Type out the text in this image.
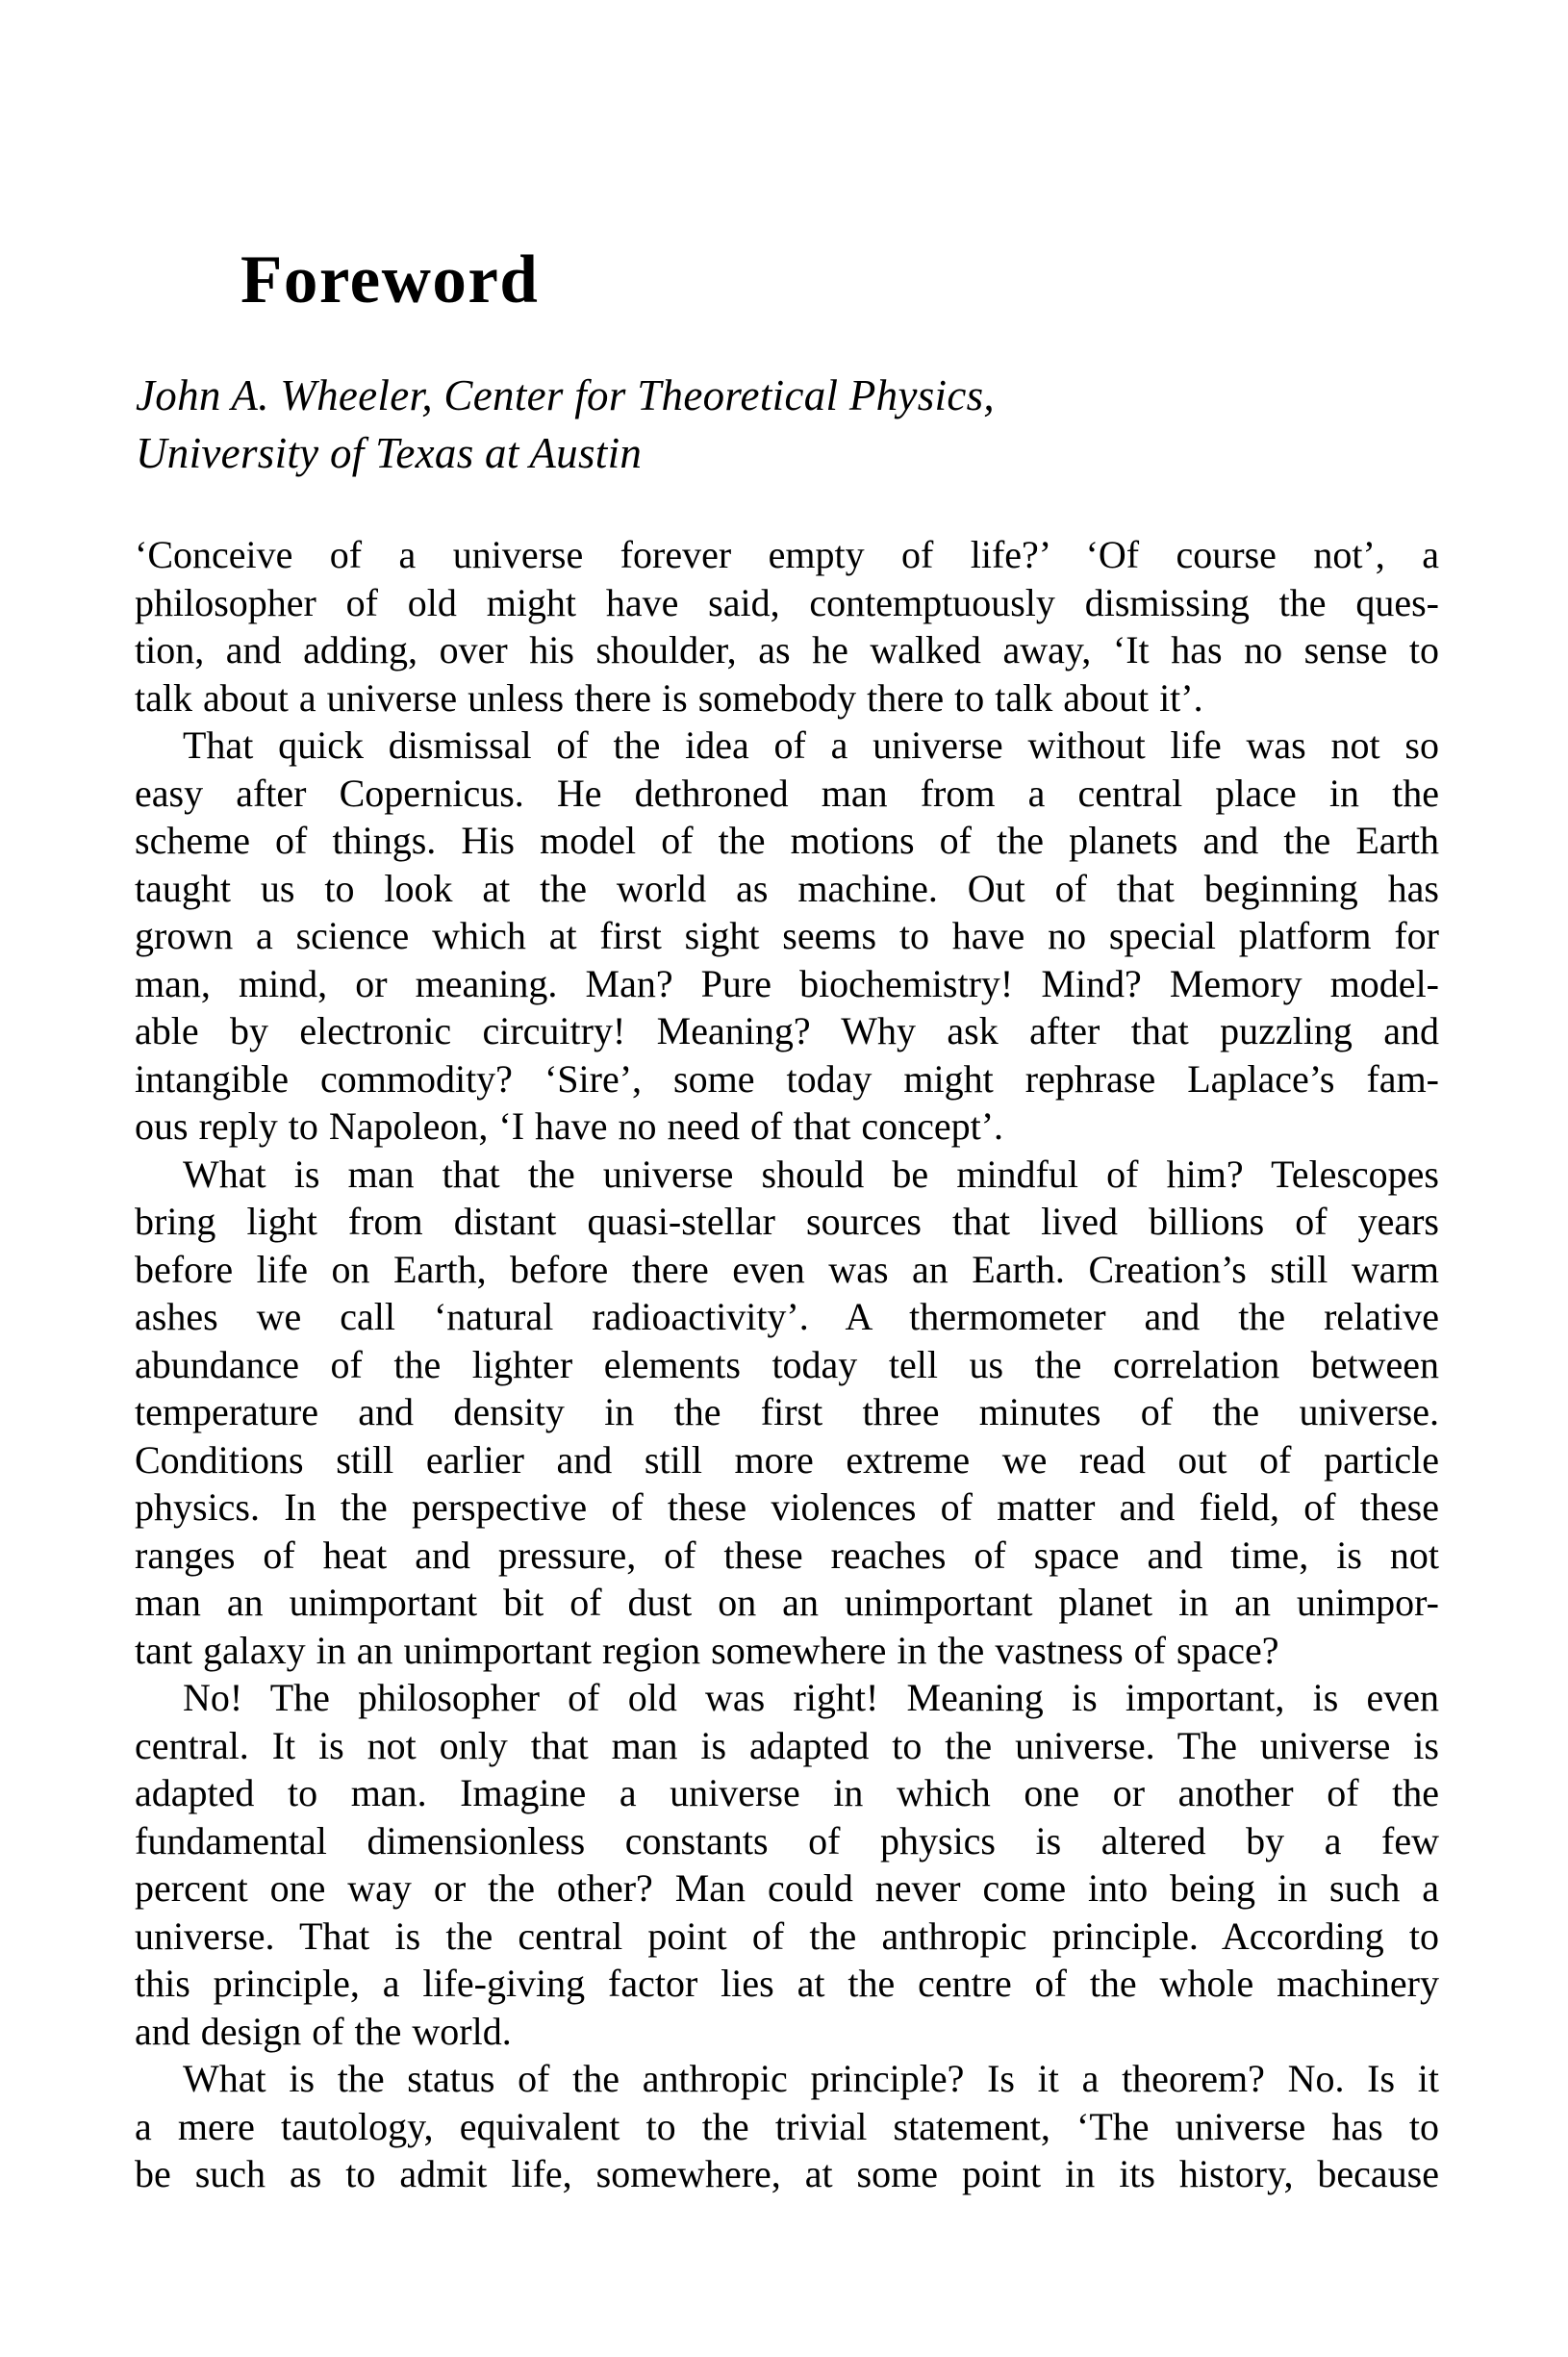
Foreword
John A. Wheeler, Center for Theoretical Physics,
University of Texas at Austin
‘Conceive of a universe forever empty of life?’ ‘Of course not’, a
philosopher of old might have said, contemptuously dismissing the ques-
tion, and adding, over his shoulder, as he walked away, ‘It has no sense to
talk about a universe unless there is somebody there to talk about it’.
That quick dismissal of the idea of a universe without life was not so
easy after Copernicus. He dethroned man from a central place in the
scheme of things. His model of the motions of the planets and the Earth
taught us to look at the world as machine. Out of that beginning has
grown a science which at first sight seems to have no special platform for
man, mind, or meaning. Man? Pure biochemistry! Mind? Memory model-
able by electronic circuitry! Meaning? Why ask after that puzzling and
intangible commodity? ‘Sire’, some today might rephrase Laplace’s fam-
ous reply to Napoleon, ‘I have no need of that concept’.
What is man that the universe should be mindful of him? Telescopes
bring light from distant quasi-stellar sources that lived billions of years
before life on Earth, before there even was an Earth. Creation’s still warm
ashes we call ‘natural radioactivity’. A thermometer and the relative
abundance of the lighter elements today tell us the correlation between
temperature and density in the first three minutes of the universe.
Conditions still earlier and still more extreme we read out of particle
physics. In the perspective of these violences of matter and field, of these
ranges of heat and pressure, of these reaches of space and time, is not
man an unimportant bit of dust on an unimportant planet in an unimpor-
tant galaxy in an unimportant region somewhere in the vastness of space?
No! The philosopher of old was right! Meaning is important, is even
central. It is not only that man is adapted to the universe. The universe is
adapted to man. Imagine a universe in which one or another of the
fundamental dimensionless constants of physics is altered by a few
percent one way or the other? Man could never come into being in such a
universe. That is the central point of the anthropic principle. According to
this principle, a life-giving factor lies at the centre of the whole machinery
and design of the world.
What is the status of the anthropic principle? Is it a theorem? No. Is it
a mere tautology, equivalent to the trivial statement, ‘The universe has to
be such as to admit life, somewhere, at some point in its history, because
